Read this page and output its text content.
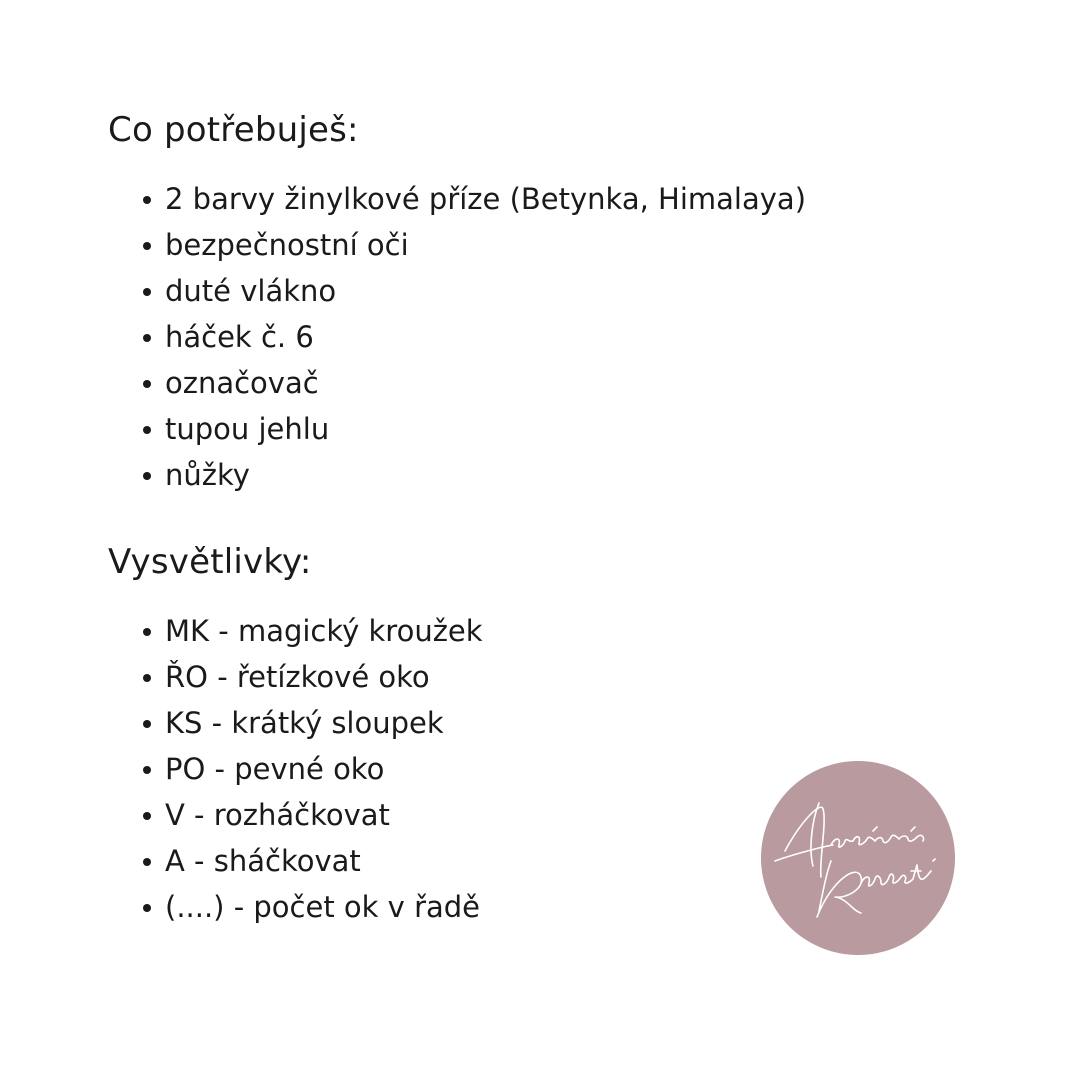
Co potřebuješ:
2 barvy žinylkové příze (Betynka, Himalaya)
bezpečnostní oči
duté vlákno
háček č. 6
označovač
tupou jehlu
nůžky
Vysvětlivky:
MK - magický kroužek
ŘO - řetízkové oko
KS - krátký sloupek
PO - pevné oko
V - rozháčkovat
A - sháčkovat
(....) - počet ok v řadě
